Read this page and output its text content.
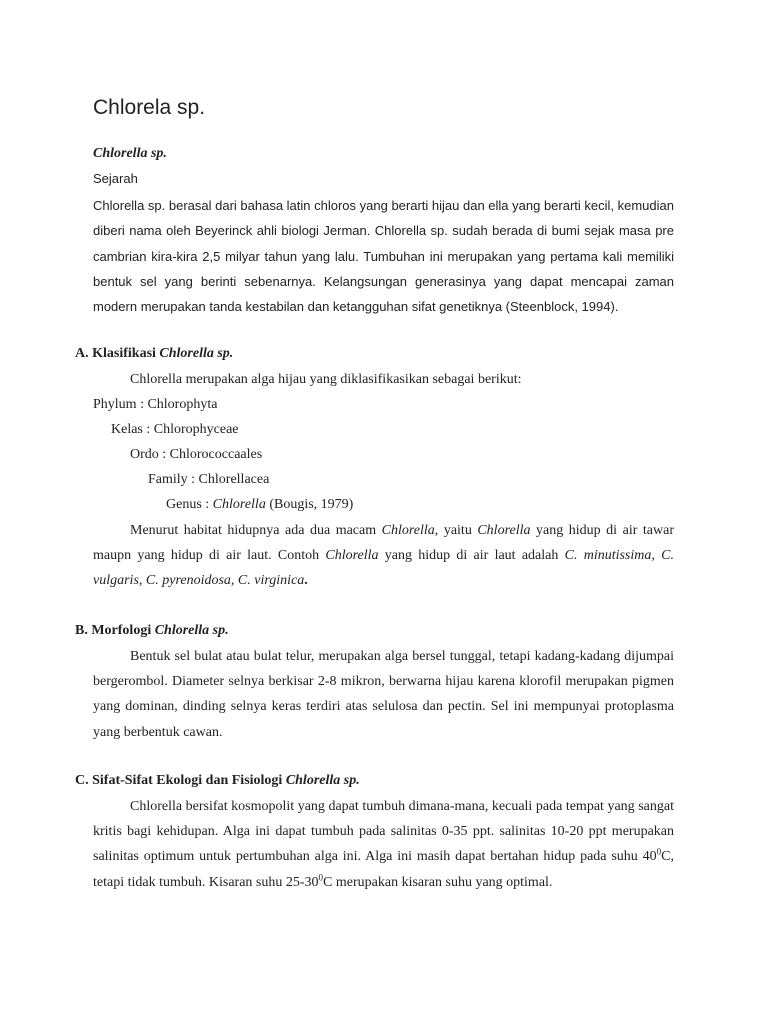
Chlorela sp.
Chlorella sp.
Sejarah
Chlorella sp. berasal dari bahasa latin chloros yang berarti hijau dan ella yang berarti kecil, kemudian diberi nama oleh Beyerinck ahli biologi Jerman. Chlorella sp. sudah berada di bumi sejak masa pre cambrian kira-kira 2,5 milyar tahun yang lalu. Tumbuhan ini merupakan yang pertama kali memiliki bentuk sel yang berinti sebenarnya. Kelangsungan generasinya yang dapat mencapai zaman modern merupakan tanda kestabilan dan ketangguhan sifat genetiknya (Steenblock, 1994).
A. Klasifikasi Chlorella sp.
Chlorella merupakan alga hijau yang diklasifikasikan sebagai berikut:
Phylum : Chlorophyta
Kelas : Chlorophyceae
Ordo : Chlorococcaales
Family : Chlorellacea
Genus : Chlorella (Bougis, 1979)
Menurut habitat hidupnya ada dua macam Chlorella, yaitu Chlorella yang hidup di air tawar maupn yang hidup di air laut. Contoh Chlorella yang hidup di air laut adalah C. minutissima, C. vulgaris, C. pyrenoidosa, C. virginica.
B. Morfologi Chlorella sp.
Bentuk sel bulat atau bulat telur, merupakan alga bersel tunggal, tetapi kadang-kadang dijumpai bergerombol. Diameter selnya berkisar 2-8 mikron, berwarna hijau karena klorofil merupakan pigmen yang dominan, dinding selnya keras terdiri atas selulosa dan pectin. Sel ini mempunyai protoplasma yang berbentuk cawan.
C. Sifat-Sifat Ekologi dan Fisiologi Chlorella sp.
Chlorella bersifat kosmopolit yang dapat tumbuh dimana-mana, kecuali pada tempat yang sangat kritis bagi kehidupan. Alga ini dapat tumbuh pada salinitas 0-35 ppt. salinitas 10-20 ppt merupakan salinitas optimum untuk pertumbuhan alga ini. Alga ini masih dapat bertahan hidup pada suhu $40^0C$, tetapi tidak tumbuh. Kisaran suhu $25-30^0C$ merupakan kisaran suhu yang optimal.
